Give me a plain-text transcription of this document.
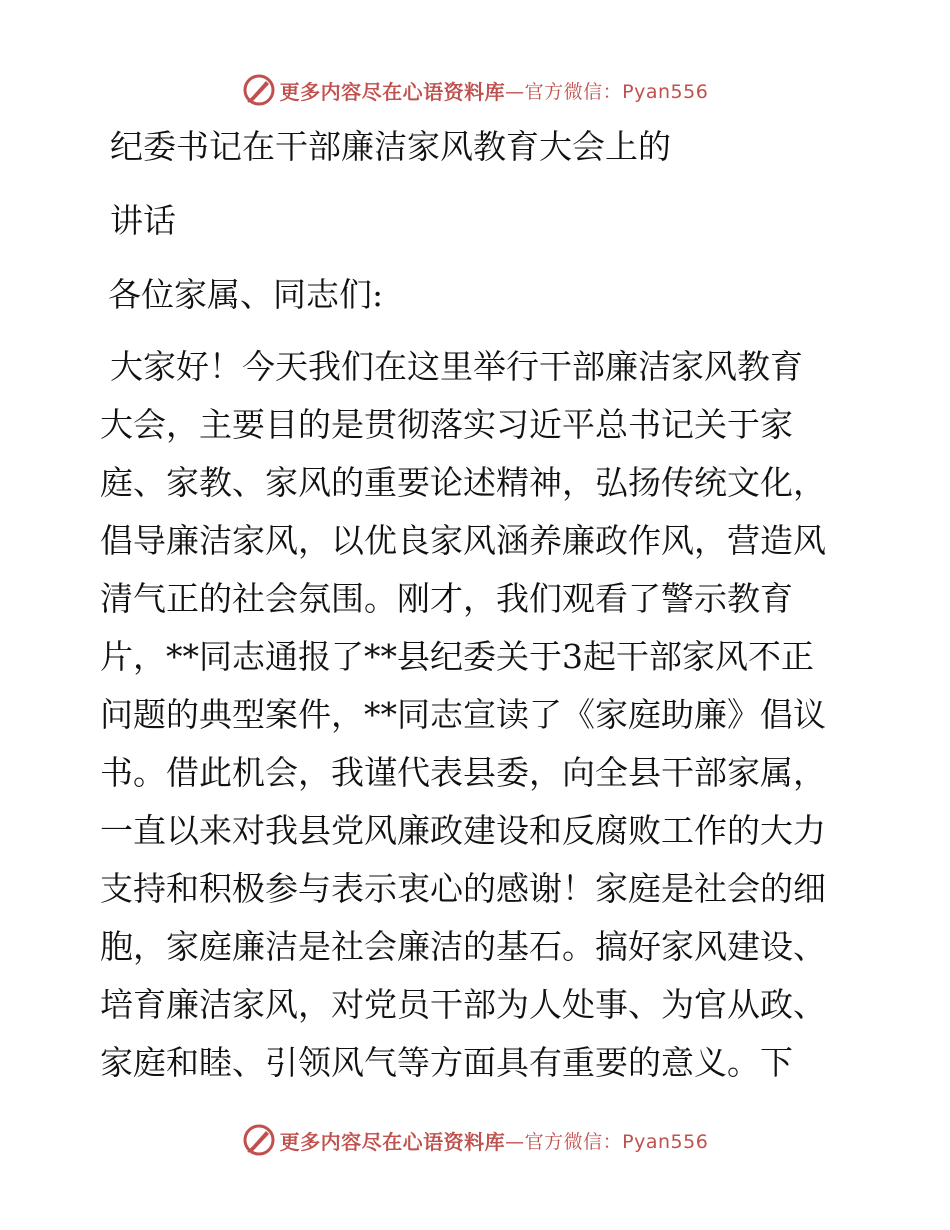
更多内容尽在心语资料库 —官方微信：Pyan556
纪委书记在干部廉洁家风教育大会上的
讲话
各位家属、同志们:
大家好！今天我们在这里举行干部廉洁家风教育
大会，主要目的是贯彻落实习近平总书记关于家
庭、家教、家风的重要论述精神，弘扬传统文化，
倡导廉洁家风，以优良家风涵养廉政作风，营造风
清气正的社会氛围。刚才，我们观看了警示教育
片，**同志通报了**县纪委关于3起干部家风不正
问题的典型案件，**同志宣读了《家庭助廉》倡议
书。借此机会，我谨代表县委，向全县干部家属，
一直以来对我县党风廉政建设和反腐败工作的大力
支持和积极参与表示衷心的感谢！家庭是社会的细
胞，家庭廉洁是社会廉洁的基石。搞好家风建设、
培育廉洁家风，对党员干部为人处事、为官从政、
家庭和睦、引领风气等方面具有重要的意义。下
更多内容尽在心语资料库 —官方微信：Pyan556
